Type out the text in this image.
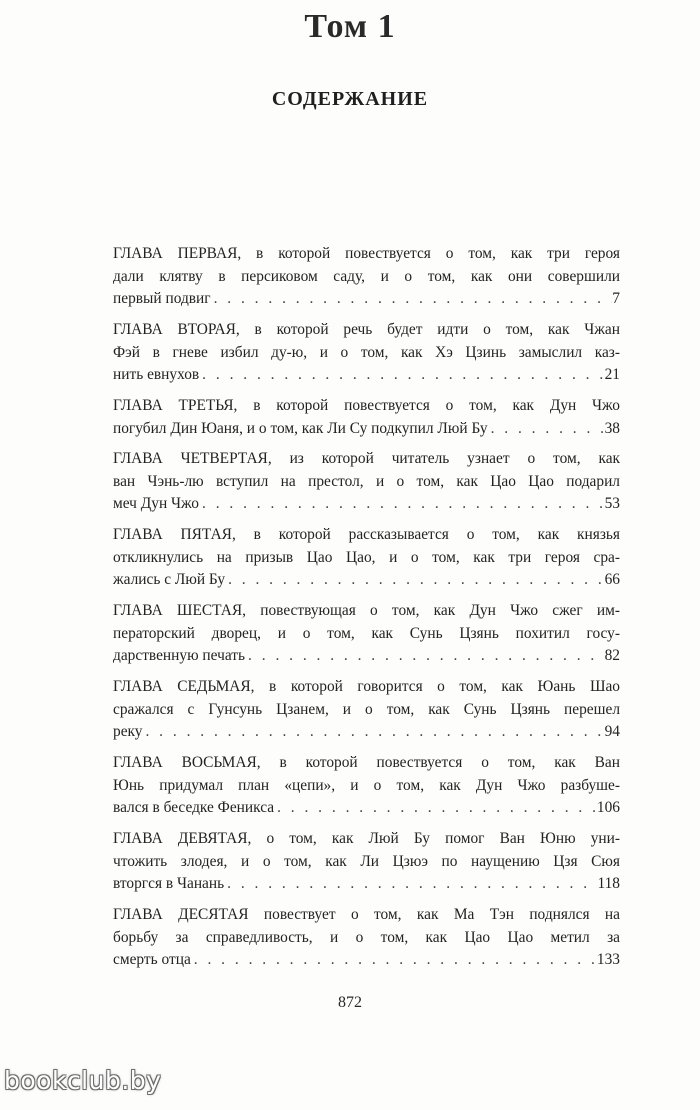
Том 1
СОДЕРЖАНИЕ
ГЛАВА ПЕРВАЯ, в которой повествуется о том, как три героя
дали клятву в персиковом саду, и о том, как они совершили
первый подвиг . . .	7
ГЛАВА ВТОРАЯ, в которой речь будет идти о том, как Чжан
Фэй в гневе избил ду-ю, и о том, как Хэ Цзинь замыслил каз-
нить евнухов . . .	21
ГЛАВА ТРЕТЬЯ, в которой повествуется о том, как Дун Чжо
погубил Дин Юаня, и о том, как Ли Су подкупил Люй Бу . . .	38
ГЛАВА ЧЕТВЕРТАЯ, из которой читатель узнает о том, как
ван Чэнь-лю вступил на престол, и о том, как Цао Цао подарил
меч Дун Чжо . . .	53
ГЛАВА ПЯТАЯ, в которой рассказывается о том, как князья
откликнулись на призыв Цао Цао, и о том, как три героя сра-
жались с Люй Бу . . .	66
ГЛАВА ШЕСТАЯ, повествующая о том, как Дун Чжо сжег им-
ператорский дворец, и о том, как Сунь Цзянь похитил госу-
дарственную печать . . .	82
ГЛАВА СЕДЬМАЯ, в которой говорится о том, как Юань Шао
сражался с Гунсунь Цзанем, и о том, как Сунь Цзянь перешел
реку . . .	94
ГЛАВА ВОСЬМАЯ, в которой повествуется о том, как Ван
Юнь придумал план «цепи», и о том, как Дун Чжо разбушe-
вался в беседке Феникса . . .	106
ГЛАВА ДЕВЯТАЯ, о том, как Люй Бу помог Ван Юню уни-
чтожить злодея, и о том, как Ли Цзюэ по наущению Цзя Сюя
вторгся в Чанань . . .	118
ГЛАВА ДЕСЯТАЯ повествует о том, как Ма Тэн поднялся на
борьбу за справедливость, и о том, как Цао Цао метил за
смерть отца . . .	133
872
bookclub.by
